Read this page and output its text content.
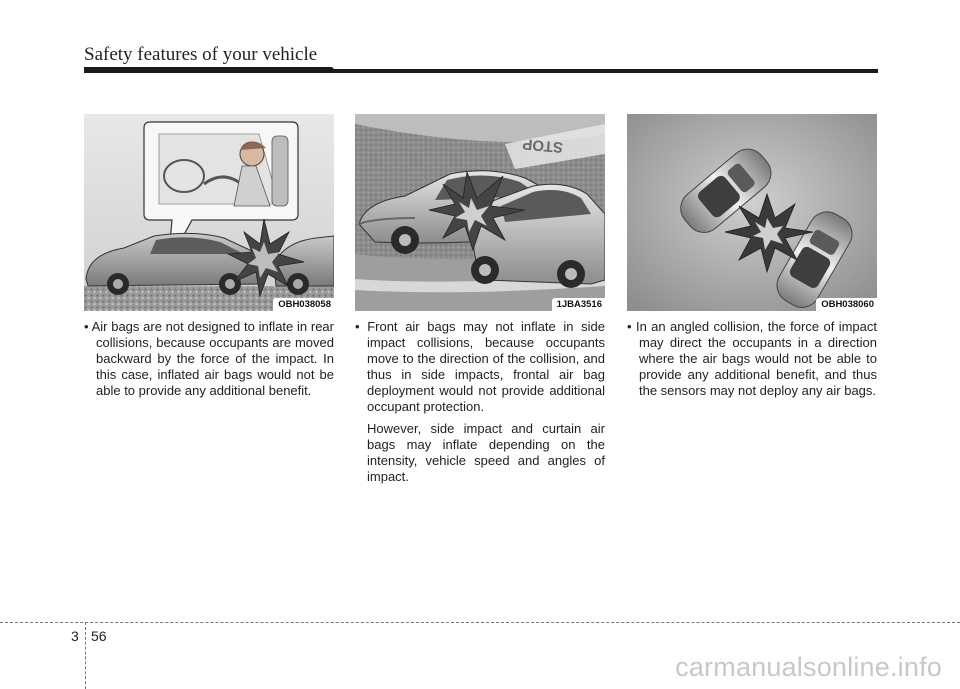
Safety features of your vehicle
OBH038058

• Air bags are not designed to inflate in rear collisions, because occupants are moved backward by the force of the impact. In this case, inflated air bags would not be able to provide any additional benefit.

STOP
1JBA3516

• Front air bags may not inflate in side impact collisions, because occupants move to the direction of the collision, and thus in side impacts, frontal air bag deployment would not provide additional occupant protection.

However, side impact and curtain air bags may inflate depending on the intensity, vehicle speed and angles of impact.

OBH038060

• In an angled collision, the force of impact may direct the occupants in a direction where the air bags would not be able to provide any additional benefit, and thus the sensors may not deploy any air bags.

3 56
carmanualsonline.info
